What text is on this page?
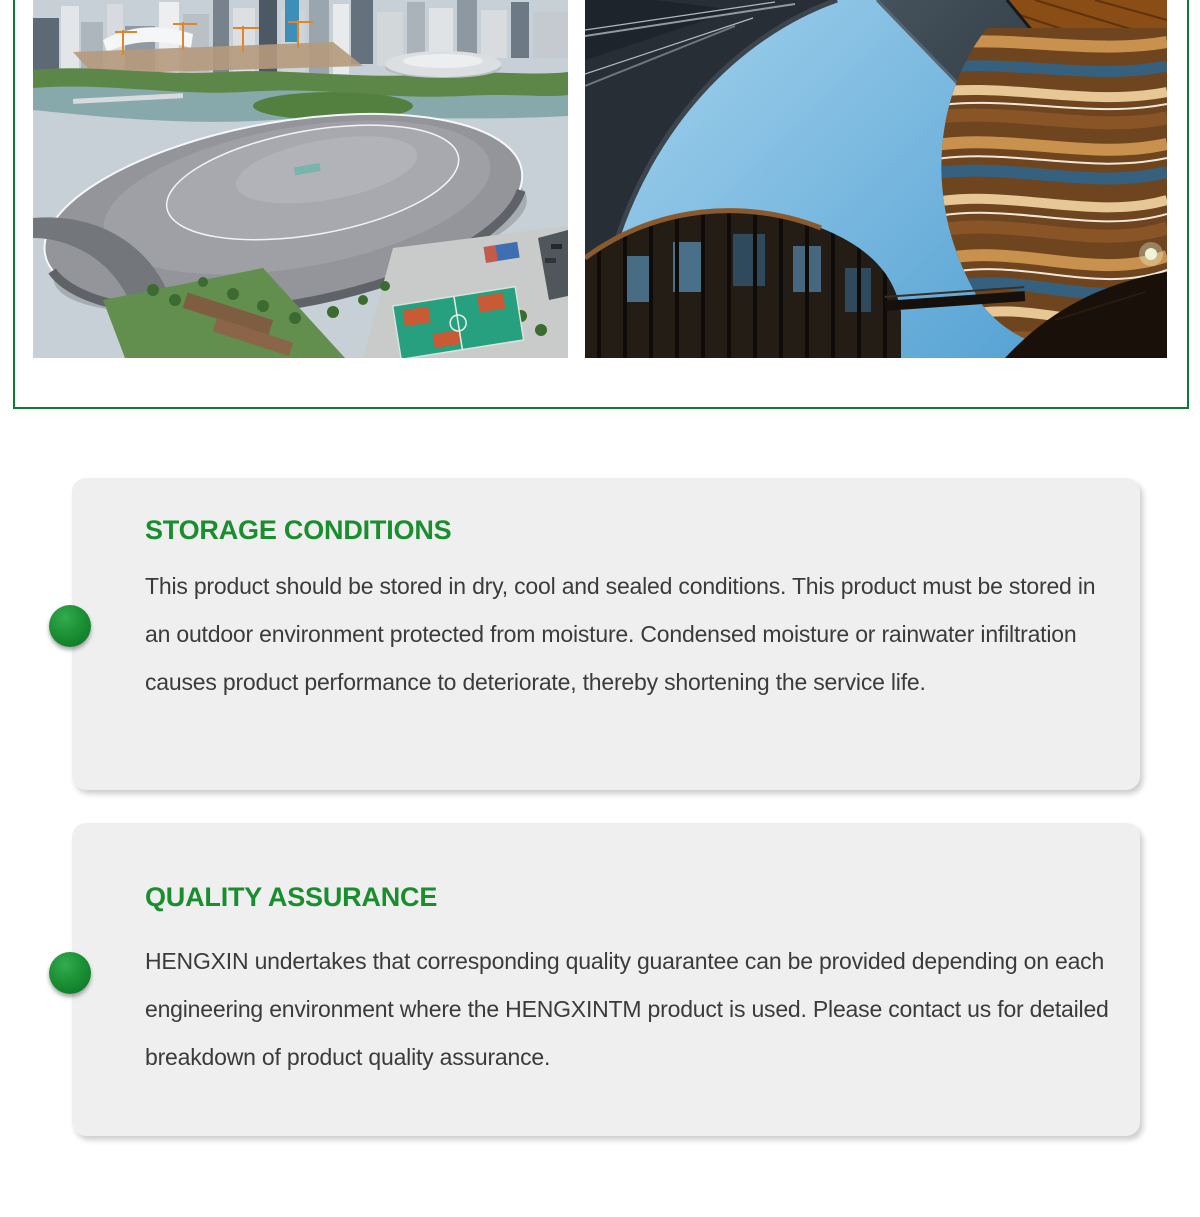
STORAGE CONDITIONS

This product should be stored in dry, cool and sealed conditions. This product must be stored in an outdoor environment protected from moisture. Condensed moisture or rainwater infiltration causes product performance to deteriorate, thereby shortening the service life.

QUALITY ASSURANCE

HENGXIN undertakes that corresponding quality guarantee can be provided depending on each engineering environment where the HENGXINTM product is used. Please contact us for detailed breakdown of product quality assurance.
